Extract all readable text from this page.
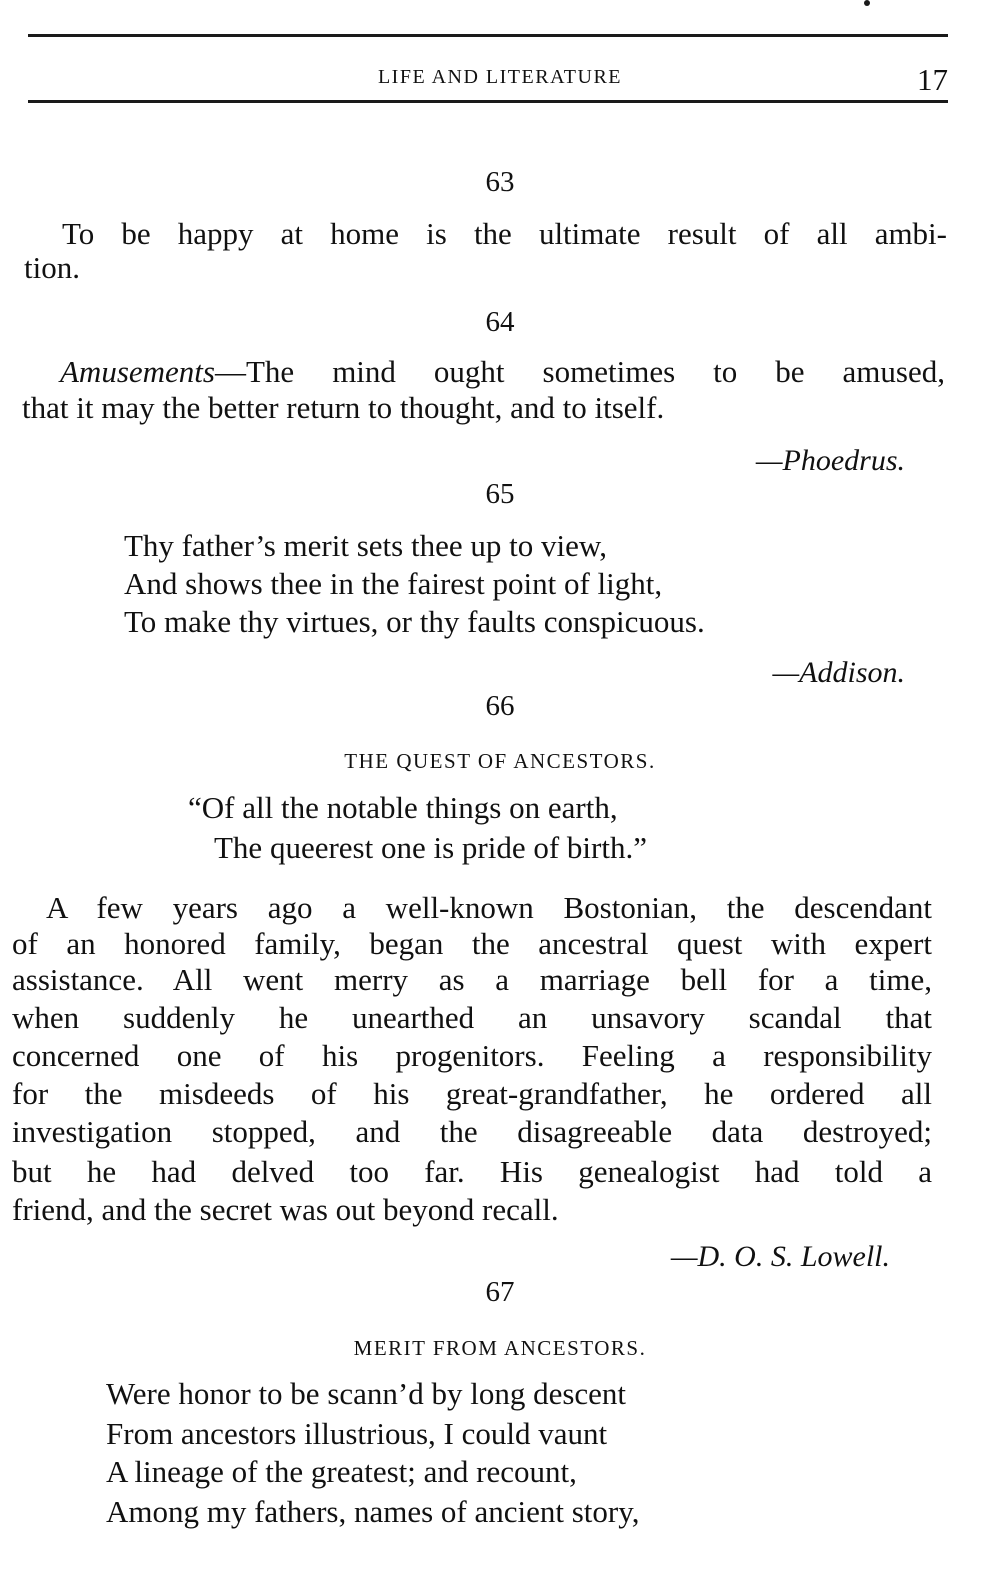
LIFE AND LITERATURE	17
63
To be happy at home is the ultimate result of all ambi-
tion.
64
Amusements—The mind ought sometimes to be amused,
that it may the better return to thought, and to itself.
—Phoedrus.
65
Thy father’s merit sets thee up to view,
And shows thee in the fairest point of light,
To make thy virtues, or thy faults conspicuous.
—Addison.
66
THE QUEST OF ANCESTORS.
“Of all the notable things on earth,
The queerest one is pride of birth.”
A few years ago a well-known Bostonian, the descendant
of an honored family, began the ancestral quest with expert
assistance. All went merry as a marriage bell for a time,
when suddenly he unearthed an unsavory scandal that
concerned one of his progenitors. Feeling a responsibility
for the misdeeds of his great-grandfather, he ordered all
investigation stopped, and the disagreeable data destroyed;
but he had delved too far. His genealogist had told a
friend, and the secret was out beyond recall.
—D. O. S. Lowell.
67
MERIT FROM ANCESTORS.
Were honor to be scann’d by long descent
From ancestors illustrious, I could vaunt
A lineage of the greatest; and recount,
Among my fathers, names of ancient story,
